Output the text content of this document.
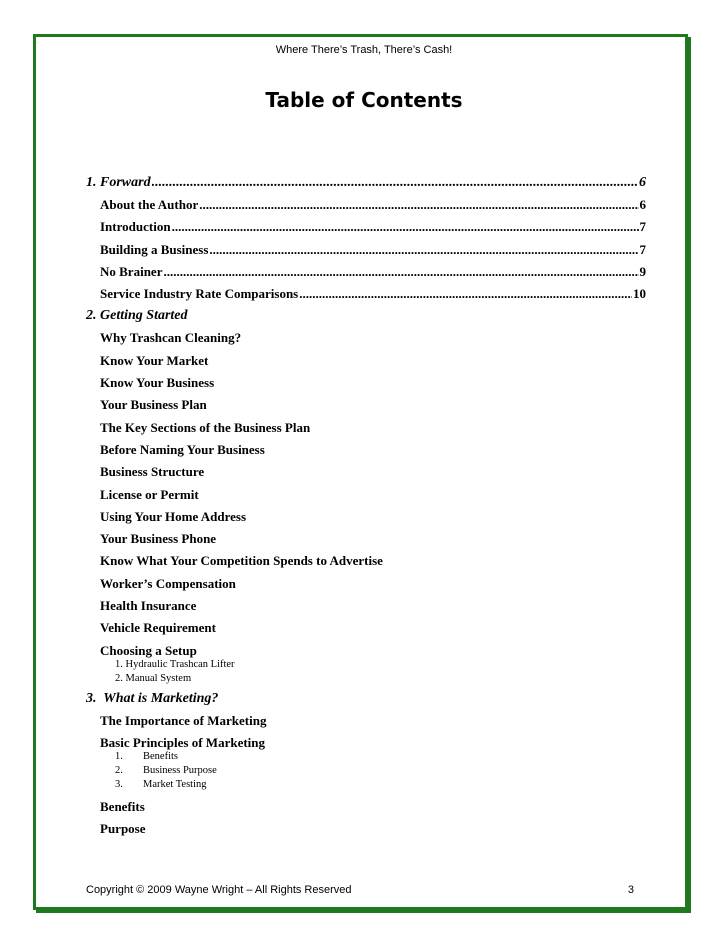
Where There’s Trash, There’s Cash!
Table of Contents
1. Forward .....	6
About the Author .....	6
Introduction .....	7
Building a Business .....	7
No Brainer .....	9
Service Industry Rate Comparisons .....	10
2. Getting Started
Why Trashcan Cleaning?
Know Your Market
Know Your Business
Your Business Plan
The Key Sections of the Business Plan
Before Naming Your Business
Business Structure
License or Permit
Using Your Home Address
Your Business Phone
Know What Your Competition Spends to Advertise
Worker’s Compensation
Health Insurance
Vehicle Requirement
Choosing a Setup
1.
Hydraulic Trashcan Lifter
2.
Manual System
3.  What is Marketing?
The Importance of Marketing
Basic Principles of Marketing
1.	Benefits
2.	Business Purpose
3.	Market Testing
Benefits
Purpose
Copyright © 2009 Wayne Wright – All Rights Reserved	3
